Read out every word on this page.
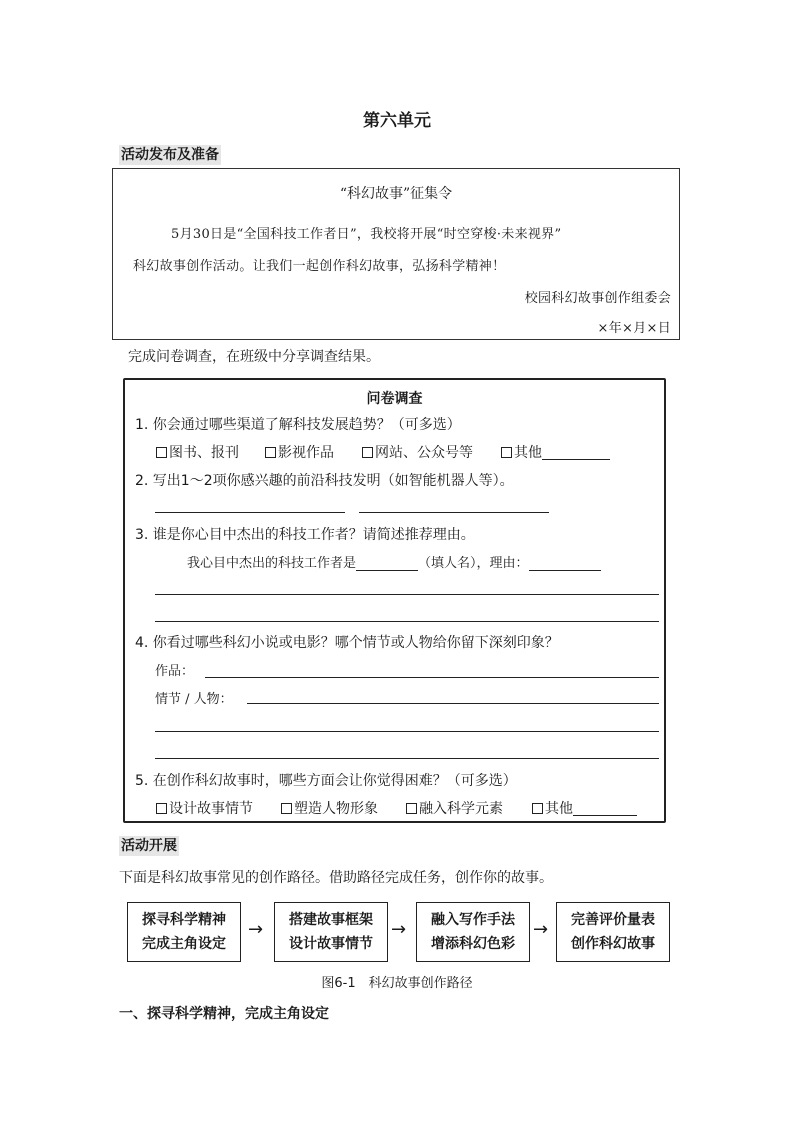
第六单元
活动发布及准备
“科幻故事”征集令
5月30日是“全国科技工作者日”，我校将开展“时空穿梭·未来视界”
科幻故事创作活动。让我们一起创作科幻故事，弘扬科学精神！
校园科幻故事创作组委会
×年×月×日
完成问卷调查，在班级中分享调查结果。
问卷调查
1. 你会通过哪些渠道了解科技发展趋势？（可多选）
图书、报刊	影视作品	网站、公众号等	其他
2. 写出1～2项你感兴趣的前沿科技发明（如智能机器人等）。
3. 谁是你心目中杰出的科技工作者？请简述推荐理由。
我心目中杰出的科技工作者是	（填人名），理由：
4. 你看过哪些科幻小说或电影？哪个情节或人物给你留下深刻印象？
作品：
情节 / 人物：
5. 在创作科幻故事时，哪些方面会让你觉得困难？（可多选）
设计故事情节	塑造人物形象	融入科学元素	其他
活动开展
下面是科幻故事常见的创作路径。借助路径完成任务，创作你的故事。
探寻科学精神
完成主角设定
→ 搭建故事框架
设计故事情节
→ 融入写作手法
增添科幻色彩
→ 完善评价量表
创作科幻故事
图6-1　科幻故事创作路径
一、探寻科学精神，完成主角设定
